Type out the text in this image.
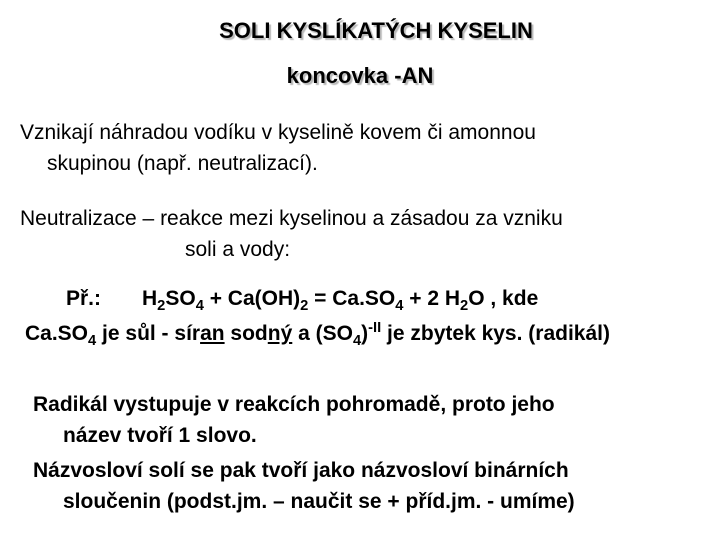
SOLI KYSLÍKATÝCH KYSELIN
koncovka -AN
Vznikají náhradou vodíku v kyselině kovem či amonnou
skupinou (např. neutralizací).
Neutralizace – reakce mezi kyselinou a zásadou za vzniku
soli a vody:
Př.: $H_2SO_4 + Ca(OH)_2 = Ca.SO_4 + 2$ $H_2O$ , kde
$Ca.SO_4$ je sůl - síran sodný a $(SO_4)^{-II}$ je zbytek kys. (radikál)
Radikál vystupuje v reakcích pohromadě, proto jeho
název tvoří 1 slovo.
Názvosloví solí se pak tvoří jako názvosloví binárních
sloučenin (podst.jm. – naučit se + příd.jm. - umíme)
